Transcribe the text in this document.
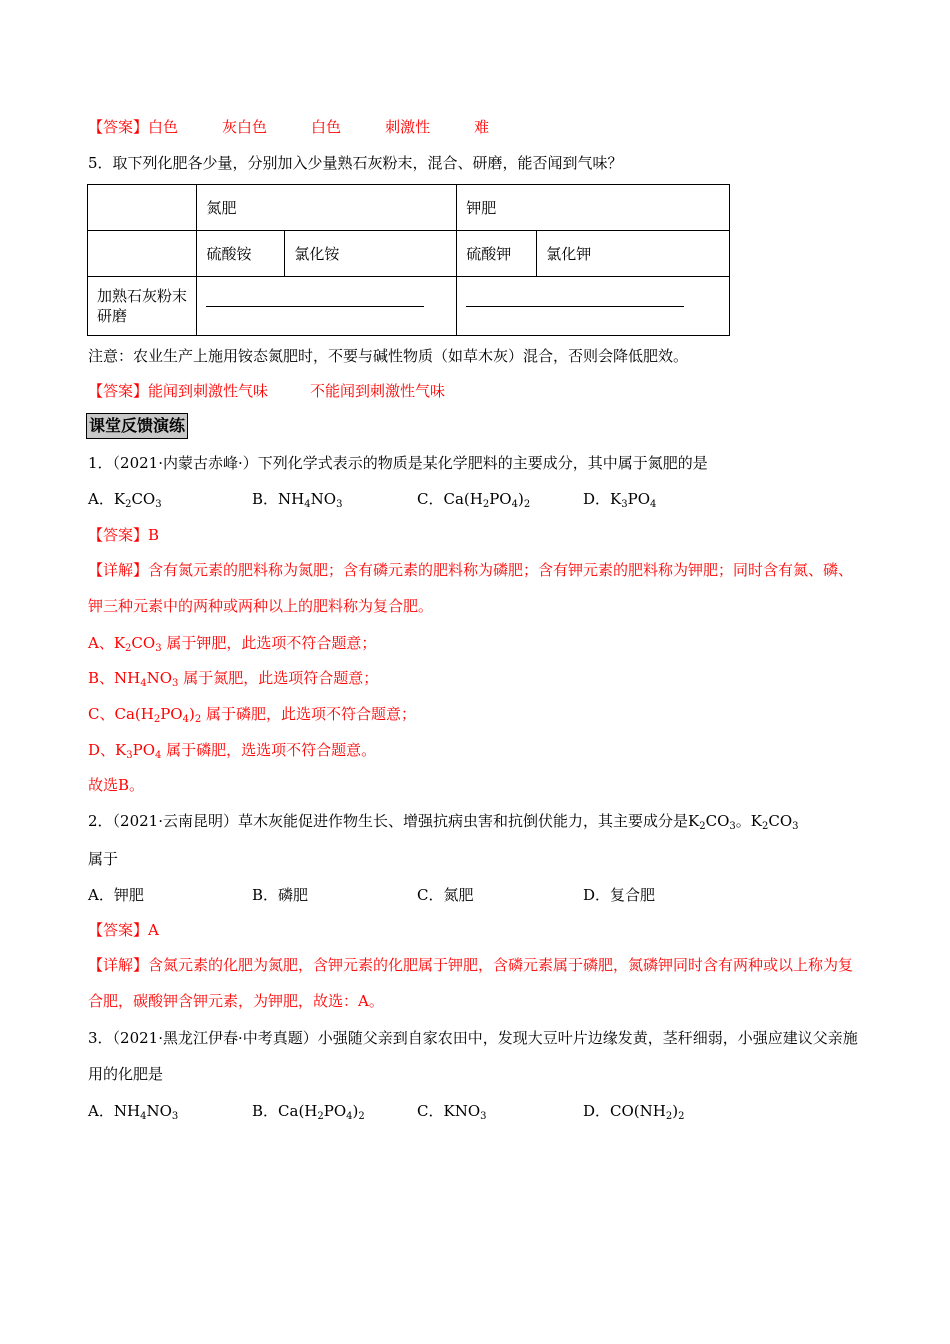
【答案】白色	灰白色	白色	刺激性	难
5．取下列化肥各少量，分别加入少量熟石灰粉末，混合、研磨，能否闻到气味？
	氮肥		钾肥	
	硫酸铵	氯化铵	硫酸钾	氯化钾
加熟石灰粉末研磨				
注意：农业生产上施用铵态氮肥时，不要与碱性物质（如草木灰）混合，否则会降低肥效。
【答案】能闻到刺激性气味	不能闻到刺激性气味
课堂反馈演练
1．（2021·内蒙古赤峰·）下列化学式表示的物质是某化学肥料的主要成分，其中属于氮肥的是
A．$K_2CO_3$	B．$NH_4NO_3$	C．$Ca(H_2PO_4)_2$	D．$K_3PO_4$
【答案】B
【详解】含有氮元素的肥料称为氮肥；含有磷元素的肥料称为磷肥；含有钾元素的肥料称为钾肥；同时含有氮、磷、钾三种元素中的两种或两种以上的肥料称为复合肥。
A、$K_2CO_3$ 属于钾肥，此选项不符合题意；
B、$NH_4NO_3$ 属于氮肥，此选项符合题意；
C、$Ca(H_2PO_4)_2$ 属于磷肥，此选项不符合题意；
D、$K_3PO_4$ 属于磷肥，选选项不符合题意。
故选B。
2．（2021·云南昆明）草木灰能促进作物生长、增强抗病虫害和抗倒伏能力，其主要成分是$K_2CO_3$。$K_2CO_3$
属于
A．钾肥	B．磷肥	C．氮肥	D．复合肥
【答案】A
【详解】含氮元素的化肥为氮肥，含钾元素的化肥属于钾肥，含磷元素属于磷肥，氮磷钾同时含有两种或以上称为复合肥，碳酸钾含钾元素，为钾肥，故选：A。
3．（2021·黑龙江伊春·中考真题）小强随父亲到自家农田中，发现大豆叶片边缘发黄，茎秆细弱，小强应建议父亲施用的化肥是
A．$NH_4NO_3$	B．$Ca(H_2PO_4)_2$	C．$KNO_3$	D．$CO(NH_2)_2$
